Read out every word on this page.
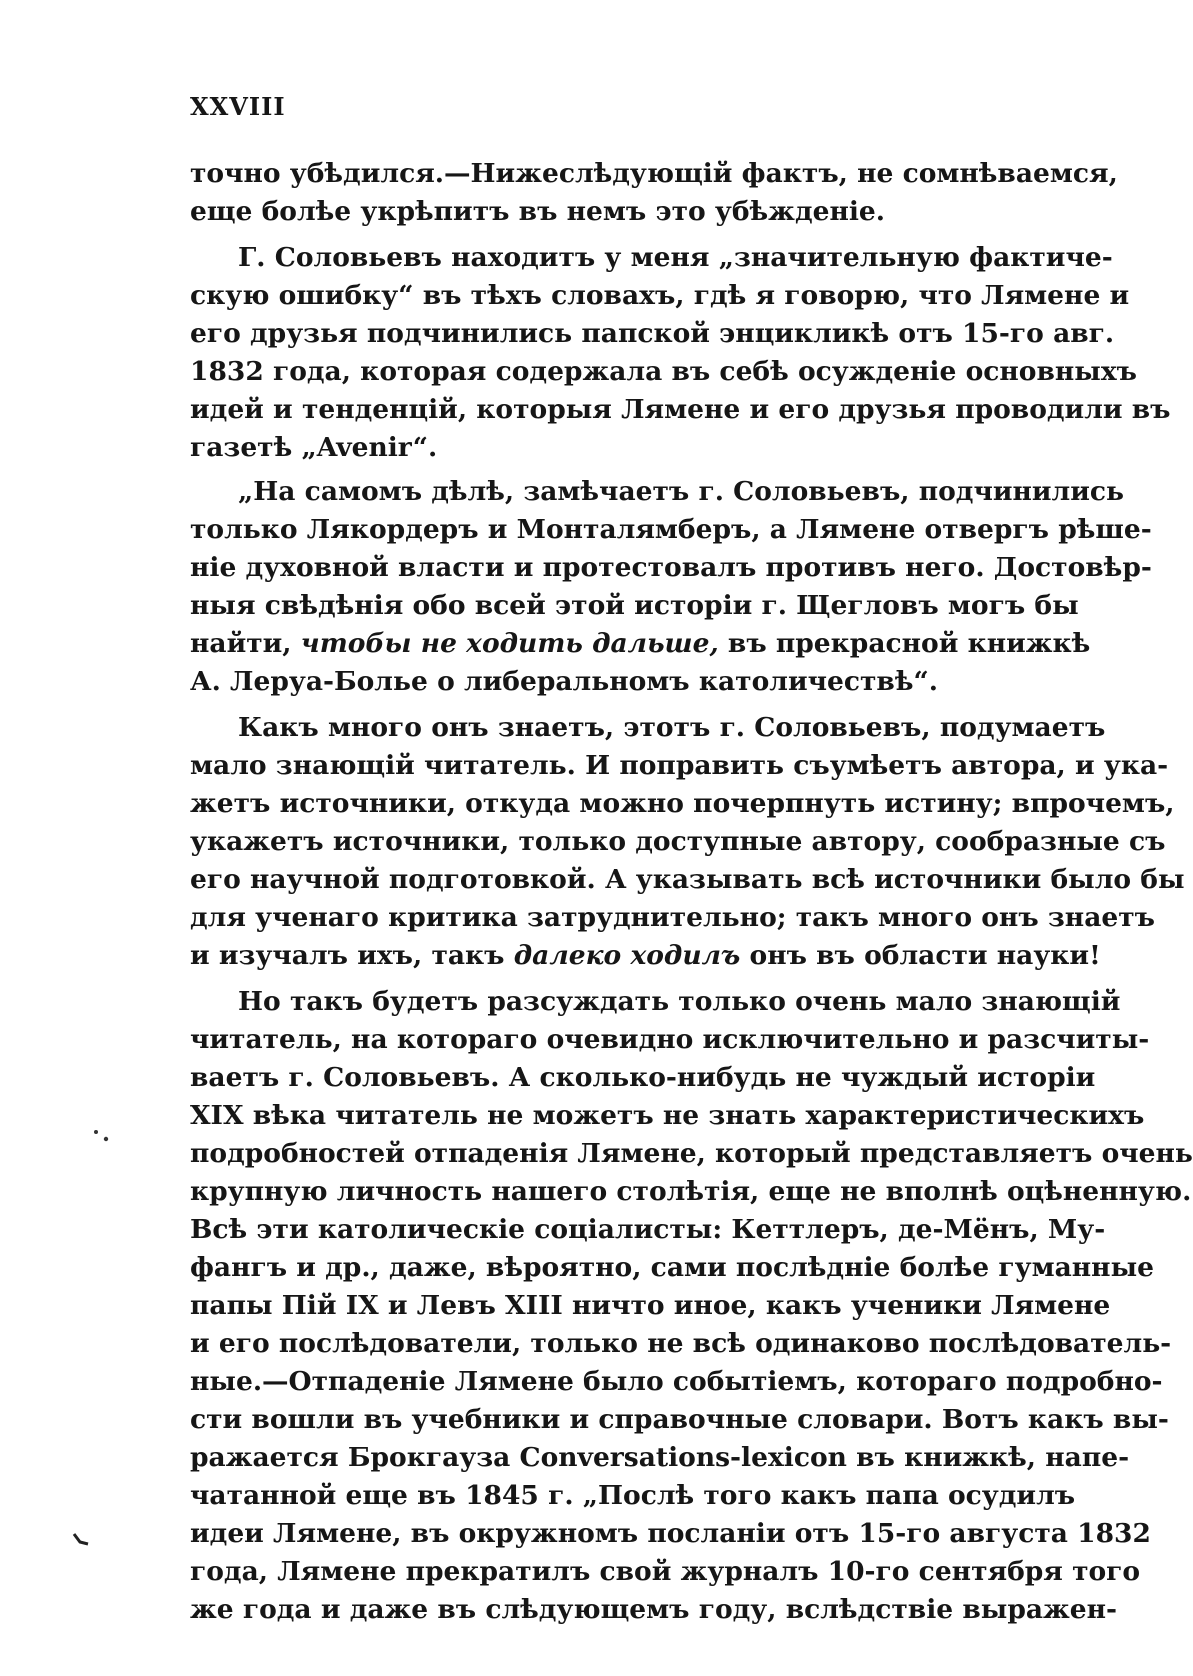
XXVIII
точно убѣдился.—Нижеслѣдующій фактъ, не сомнѣваемся,
еще болѣе укрѣпитъ въ немъ это убѣжденіе.
Г. Соловьевъ находитъ у меня „значительную фактиче-
скую ошибку“ въ тѣхъ словахъ, гдѣ я говорю, что Лямене и
его друзья подчинились папской энцикликѣ отъ 15-го авг.
1832 года, которая содержала въ себѣ осужденіе основныхъ
идей и тенденцій, которыя Лямене и его друзья проводили въ
газетѣ „Avenir“.
„На самомъ дѣлѣ, замѣчаетъ г. Соловьевъ, подчинились
только Лякордеръ и Монталямберъ, а Лямене отвергъ рѣше-
ніе духовной власти и протестовалъ противъ него. Достовѣр-
ныя свѣдѣнія обо всей этой исторіи г. Щегловъ могъ бы
найти, чтобы не ходить дальше, въ прекрасной книжкѣ
А. Леруа-Болье о либеральномъ католичествѣ“.
Какъ много онъ знаетъ, этотъ г. Соловьевъ, подумаетъ
мало знающій читатель. И поправить съумѣетъ автора, и ука-
жетъ источники, откуда можно почерпнуть истину; впрочемъ,
укажетъ источники, только доступные автору, сообразные съ
его научной подготовкой. А указывать всѣ источники было бы
для ученаго критика затруднительно; такъ много онъ знаетъ
и изучалъ ихъ, такъ далеко ходилъ онъ въ области науки!
Но такъ будетъ разсуждать только очень мало знающій
читатель, на котораго очевидно исключительно и разсчиты-
ваетъ г. Соловьевъ. А сколько-нибудь не чуждый исторіи
XIX вѣка читатель не можетъ не знать характеристическихъ
подробностей отпаденія Лямене, который представляетъ очень
крупную личность нашего столѣтія, еще не вполнѣ оцѣненную.
Всѣ эти католическіе соціалисты: Кеттлеръ, де-Мёнъ, Му-
фангъ и др., даже, вѣроятно, сами послѣдніе болѣе гуманные
папы Пій IX и Левъ XIII ничто иное, какъ ученики Лямене
и его послѣдователи, только не всѣ одинаково послѣдователь-
ные.—Отпаденіе Лямене было событіемъ, котораго подробно-
сти вошли въ учебники и справочные словари. Вотъ какъ вы-
ражается Брокгауза Conversations-lexicon въ книжкѣ, напе-
чатанной еще въ 1845 г. „Послѣ того какъ папа осудилъ
идеи Лямене, въ окружномъ посланіи отъ 15-го августа 1832
года, Лямене прекратилъ свой журналъ 10-го сентября того
же года и даже въ слѣдующемъ году, вслѣдствіе выражен-
